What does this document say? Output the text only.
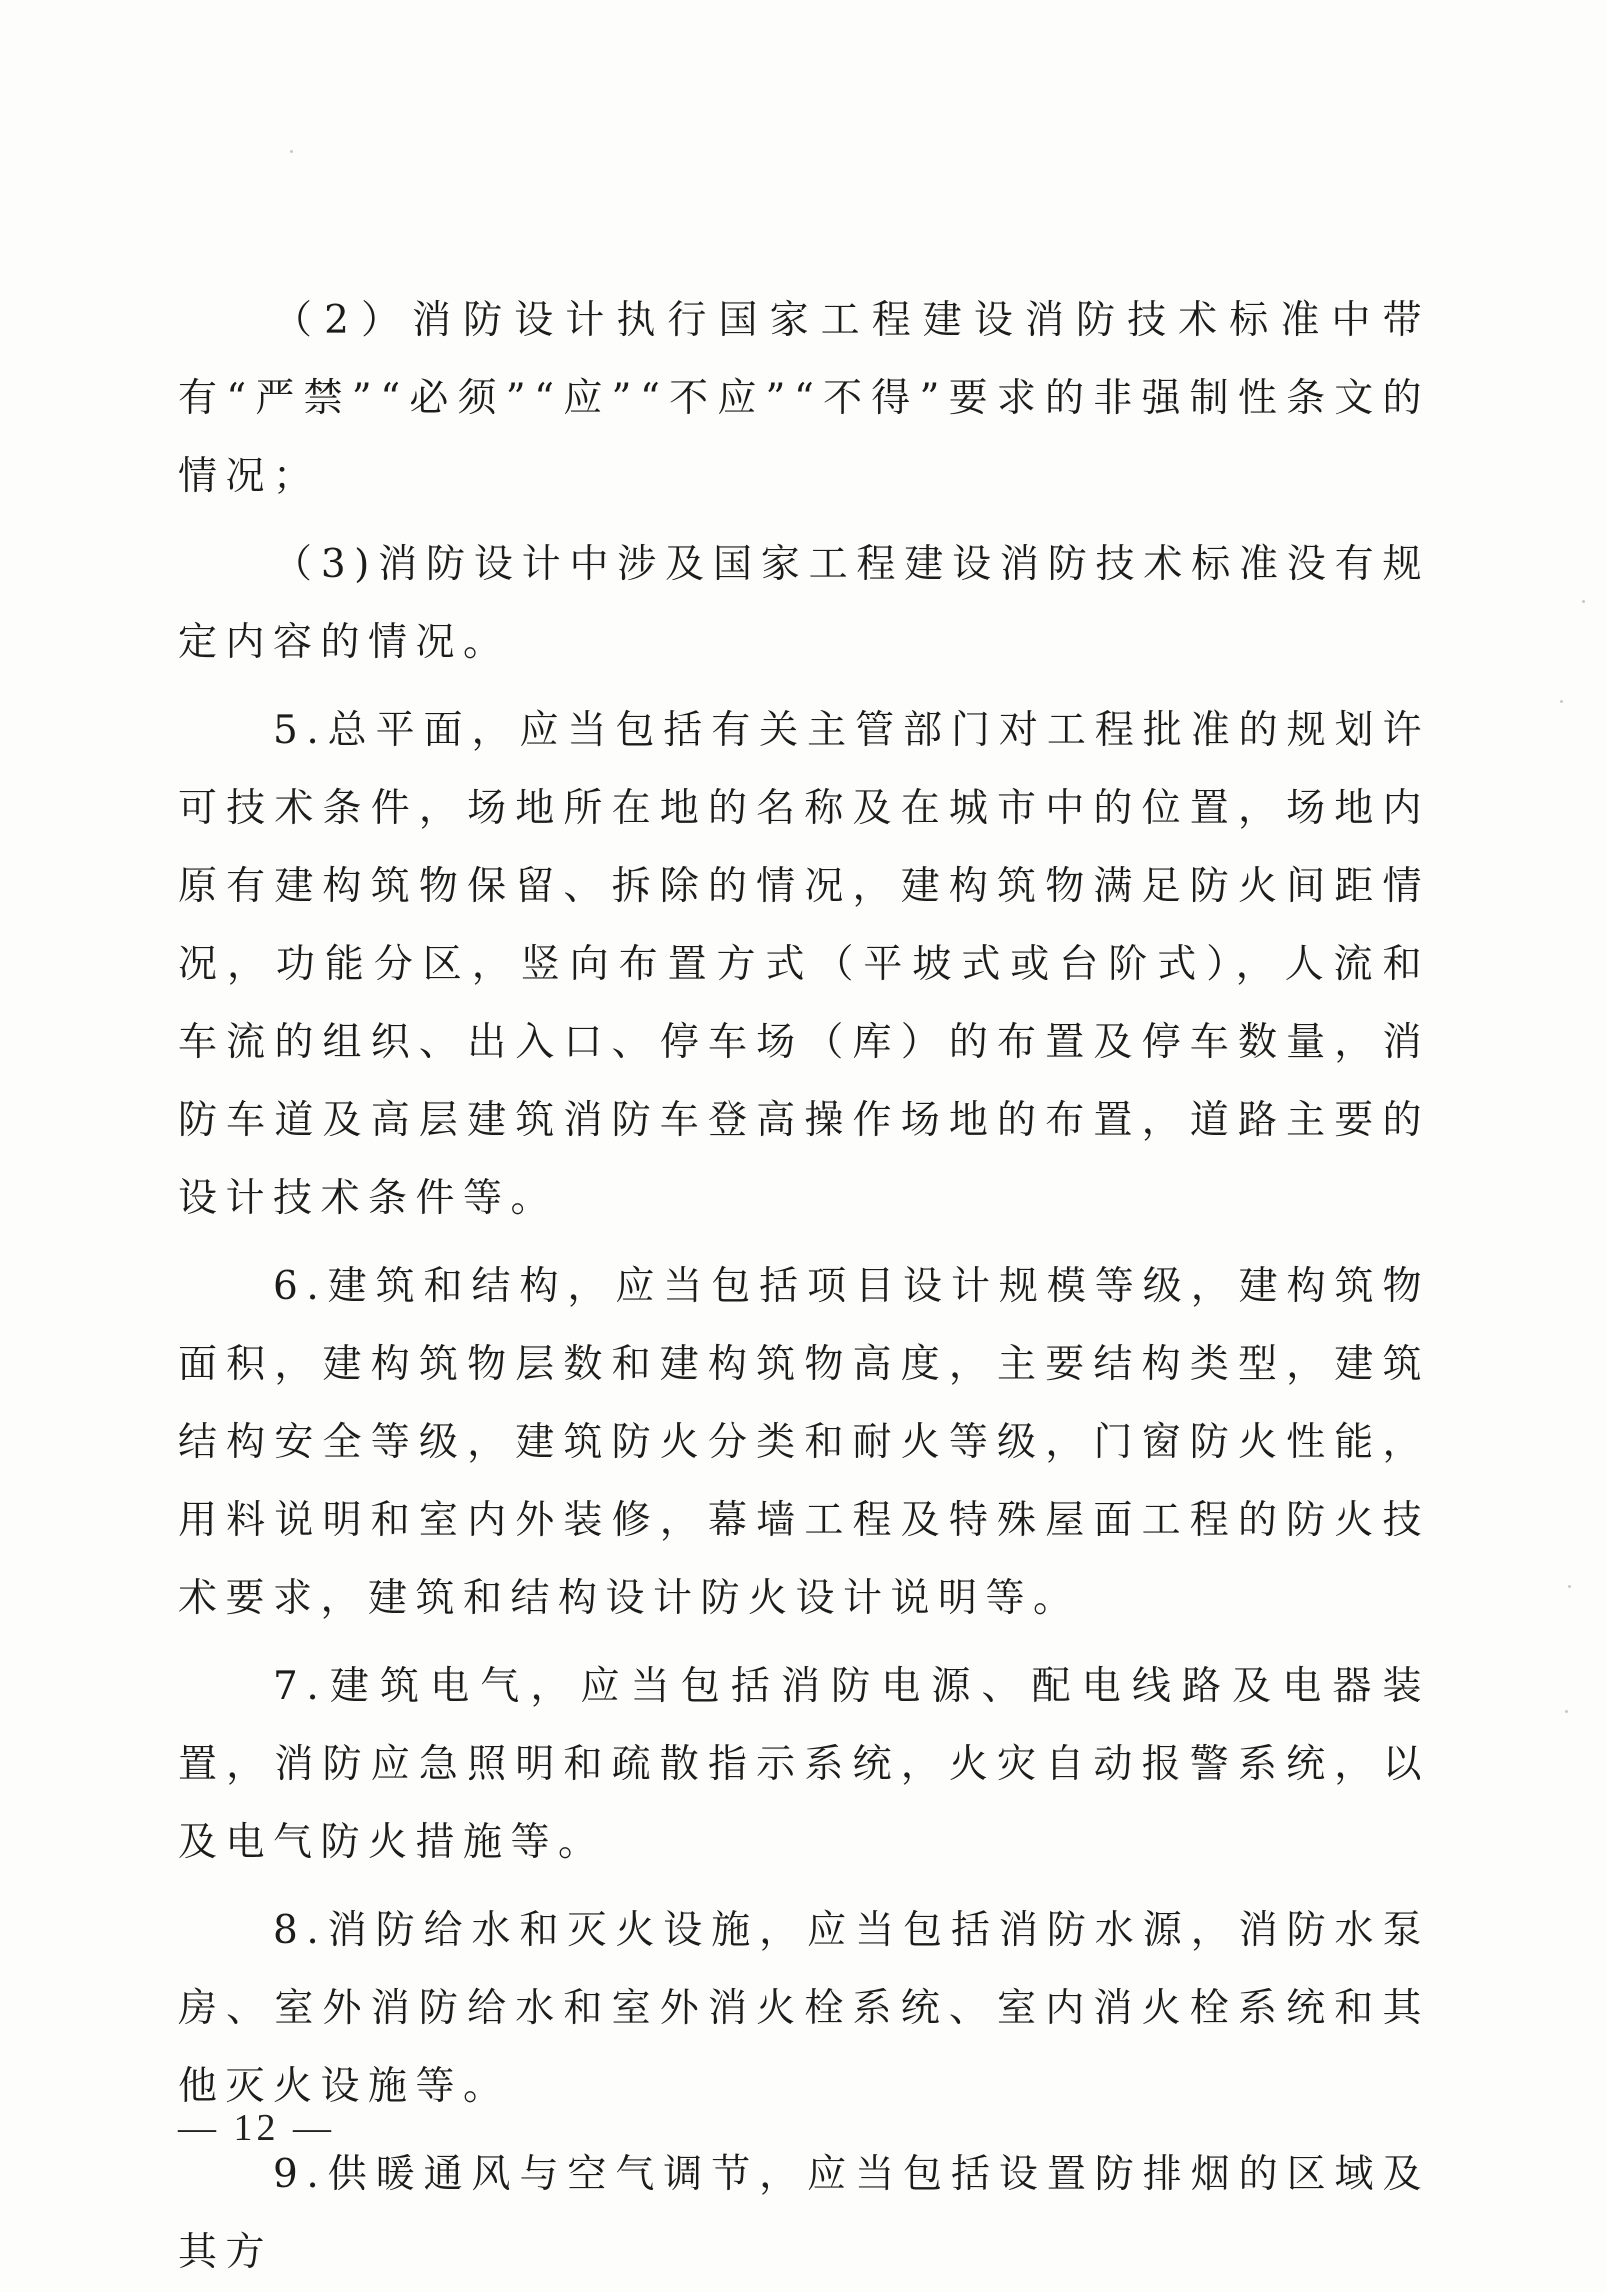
（2）消防设计执行国家工程建设消防技术标准中带有“严禁”“必须”“应”“不应”“不得”要求的非强制性条文的情况；

（3)消防设计中涉及国家工程建设消防技术标准没有规定内容的情况。

5.总平面，应当包括有关主管部门对工程批准的规划许可技术条件，场地所在地的名称及在城市中的位置，场地内原有建构筑物保留、拆除的情况，建构筑物满足防火间距情况，功能分区，竖向布置方式（平坡式或台阶式），人流和车流的组织、出入口、停车场（库）的布置及停车数量，消防车道及高层建筑消防车登高操作场地的布置，道路主要的设计技术条件等。

6.建筑和结构，应当包括项目设计规模等级，建构筑物面积，建构筑物层数和建构筑物高度，主要结构类型，建筑结构安全等级，建筑防火分类和耐火等级，门窗防火性能，用料说明和室内外装修，幕墙工程及特殊屋面工程的防火技术要求，建筑和结构设计防火设计说明等。

7.建筑电气，应当包括消防电源、配电线路及电器装置，消防应急照明和疏散指示系统，火灾自动报警系统，以及电气防火措施等。

8.消防给水和灭火设施，应当包括消防水源，消防水泵房、室外消防给水和室外消火栓系统、室内消火栓系统和其他灭火设施等。

9.供暖通风与空气调节，应当包括设置防排烟的区域及其方

— 12 —
